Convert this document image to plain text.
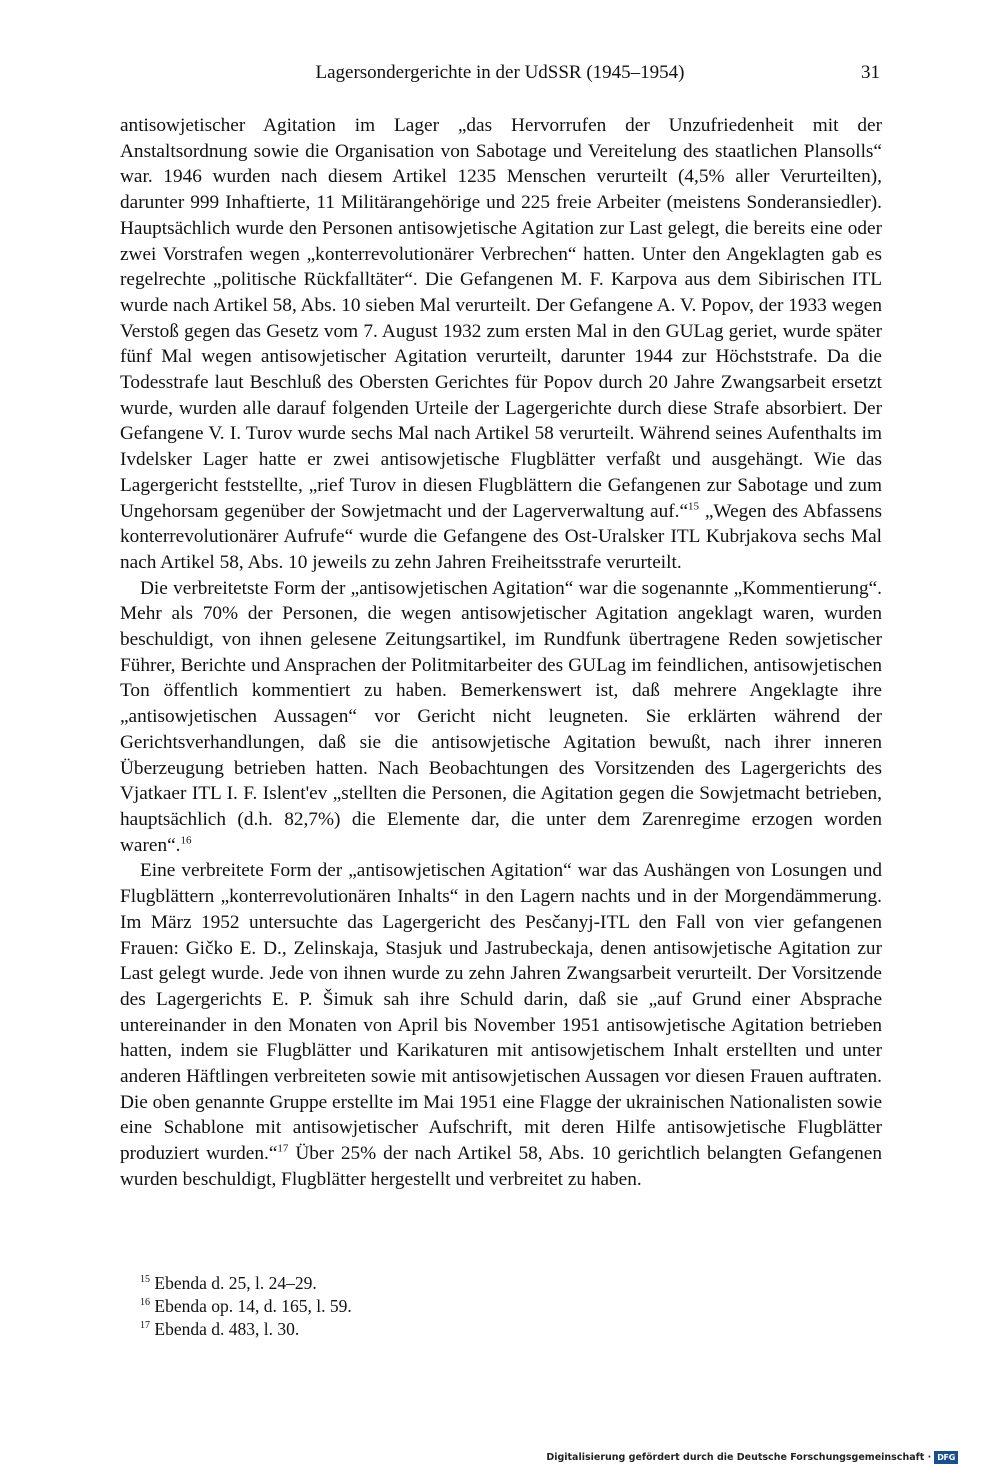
Lagersondergerichte in der UdSSR (1945–1954)	31

antisowjetischer Agitation im Lager „das Hervorrufen der Unzufriedenheit mit der Anstaltsordnung sowie die Organisation von Sabotage und Vereitelung des staatlichen Plansolls“ war. 1946 wurden nach diesem Artikel 1235 Menschen verurteilt (4,5% aller Verurteilten), darunter 999 Inhaftierte, 11 Militärangehörige und 225 freie Arbeiter (meistens Sonderansiedler). Hauptsächlich wurde den Personen antisowjetische Agitation zur Last gelegt, die bereits eine oder zwei Vorstrafen wegen „konterrevolutionärer Verbrechen“ hatten. Unter den Angeklagten gab es regelrechte „politische Rückfalltäter“. Die Gefangenen M. F. Karpova aus dem Sibirischen ITL wurde nach Artikel 58, Abs. 10 sieben Mal verurteilt. Der Gefangene A. V. Popov, der 1933 wegen Verstoß gegen das Gesetz vom 7. August 1932 zum ersten Mal in den GULag geriet, wurde später fünf Mal wegen antisowjetischer Agitation verurteilt, darunter 1944 zur Höchststrafe. Da die Todesstrafe laut Beschluß des Obersten Gerichtes für Popov durch 20 Jahre Zwangsarbeit ersetzt wurde, wurden alle darauf folgenden Urteile der Lagergerichte durch diese Strafe absorbiert. Der Gefangene V. I. Turov wurde sechs Mal nach Artikel 58 verurteilt. Während seines Aufenthalts im Ivdelsker Lager hatte er zwei antisowjetische Flugblätter verfaßt und ausgehängt. Wie das Lagergericht feststellte, „rief Turov in diesen Flugblättern die Gefangenen zur Sabotage und zum Ungehorsam gegenüber der Sowjetmacht und der Lagerverwaltung auf.“$^{15}$ „Wegen des Abfassens konterrevolutionärer Aufrufe“ wurde die Gefangene des Ost-Uralsker ITL Kubrjakova sechs Mal nach Artikel 58, Abs. 10 jeweils zu zehn Jahren Freiheitsstrafe verurteilt.

Die verbreitetste Form der „antisowjetischen Agitation“ war die sogenannte „Kommentierung“. Mehr als 70% der Personen, die wegen antisowjetischer Agitation angeklagt waren, wurden beschuldigt, von ihnen gelesene Zeitungsartikel, im Rundfunk übertragene Reden sowjetischer Führer, Berichte und Ansprachen der Politmitarbeiter des GULag im feindlichen, antisowjetischen Ton öffentlich kommentiert zu haben. Bemerkenswert ist, daß mehrere Angeklagte ihre „antisowjetischen Aussagen“ vor Gericht nicht leugneten. Sie erklärten während der Gerichtsverhandlungen, daß sie die antisowjetische Agitation bewußt, nach ihrer inneren Überzeugung betrieben hatten. Nach Beobachtungen des Vorsitzenden des Lagergerichts des Vjatkaer ITL I. F. Islent'ev „stellten die Personen, die Agitation gegen die Sowjetmacht betrieben, hauptsächlich (d.h. 82,7%) die Elemente dar, die unter dem Zarenregime erzogen worden waren“.$^{16}$

Eine verbreitete Form der „antisowjetischen Agitation“ war das Aushängen von Losungen und Flugblättern „konterrevolutionären Inhalts“ in den Lagern nachts und in der Morgendämmerung. Im März 1952 untersuchte das Lagergericht des Pesčanyj-ITL den Fall von vier gefangenen Frauen: Gičko E. D., Zelinskaja, Stasjuk und Jastrubeckaja, denen antisowjetische Agitation zur Last gelegt wurde. Jede von ihnen wurde zu zehn Jahren Zwangsarbeit verurteilt. Der Vorsitzende des Lagergerichts E. P. Šimuk sah ihre Schuld darin, daß sie „auf Grund einer Absprache untereinander in den Monaten von April bis November 1951 antisowjetische Agitation betrieben hatten, indem sie Flugblätter und Karikaturen mit antisowjetischem Inhalt erstellten und unter anderen Häftlingen verbreiteten sowie mit antisowjetischen Aussagen vor diesen Frauen auftraten. Die oben genannte Gruppe erstellte im Mai 1951 eine Flagge der ukrainischen Nationalisten sowie eine Schablone mit antisowjetischer Aufschrift, mit deren Hilfe antisowjetische Flugblätter produziert wurden.“$^{17}$ Über 25% der nach Artikel 58, Abs. 10 gerichtlich belangten Gefangenen wurden beschuldigt, Flugblätter hergestellt und verbreitet zu haben.

$^{15}$ Ebenda d. 25, l. 24–29.

$^{16}$ Ebenda op. 14, d. 165, l. 59.

$^{17}$ Ebenda d. 483, l. 30.

Digitalisierung gefördert durch die Deutsche Forschungsgemeinschaft · DFG
